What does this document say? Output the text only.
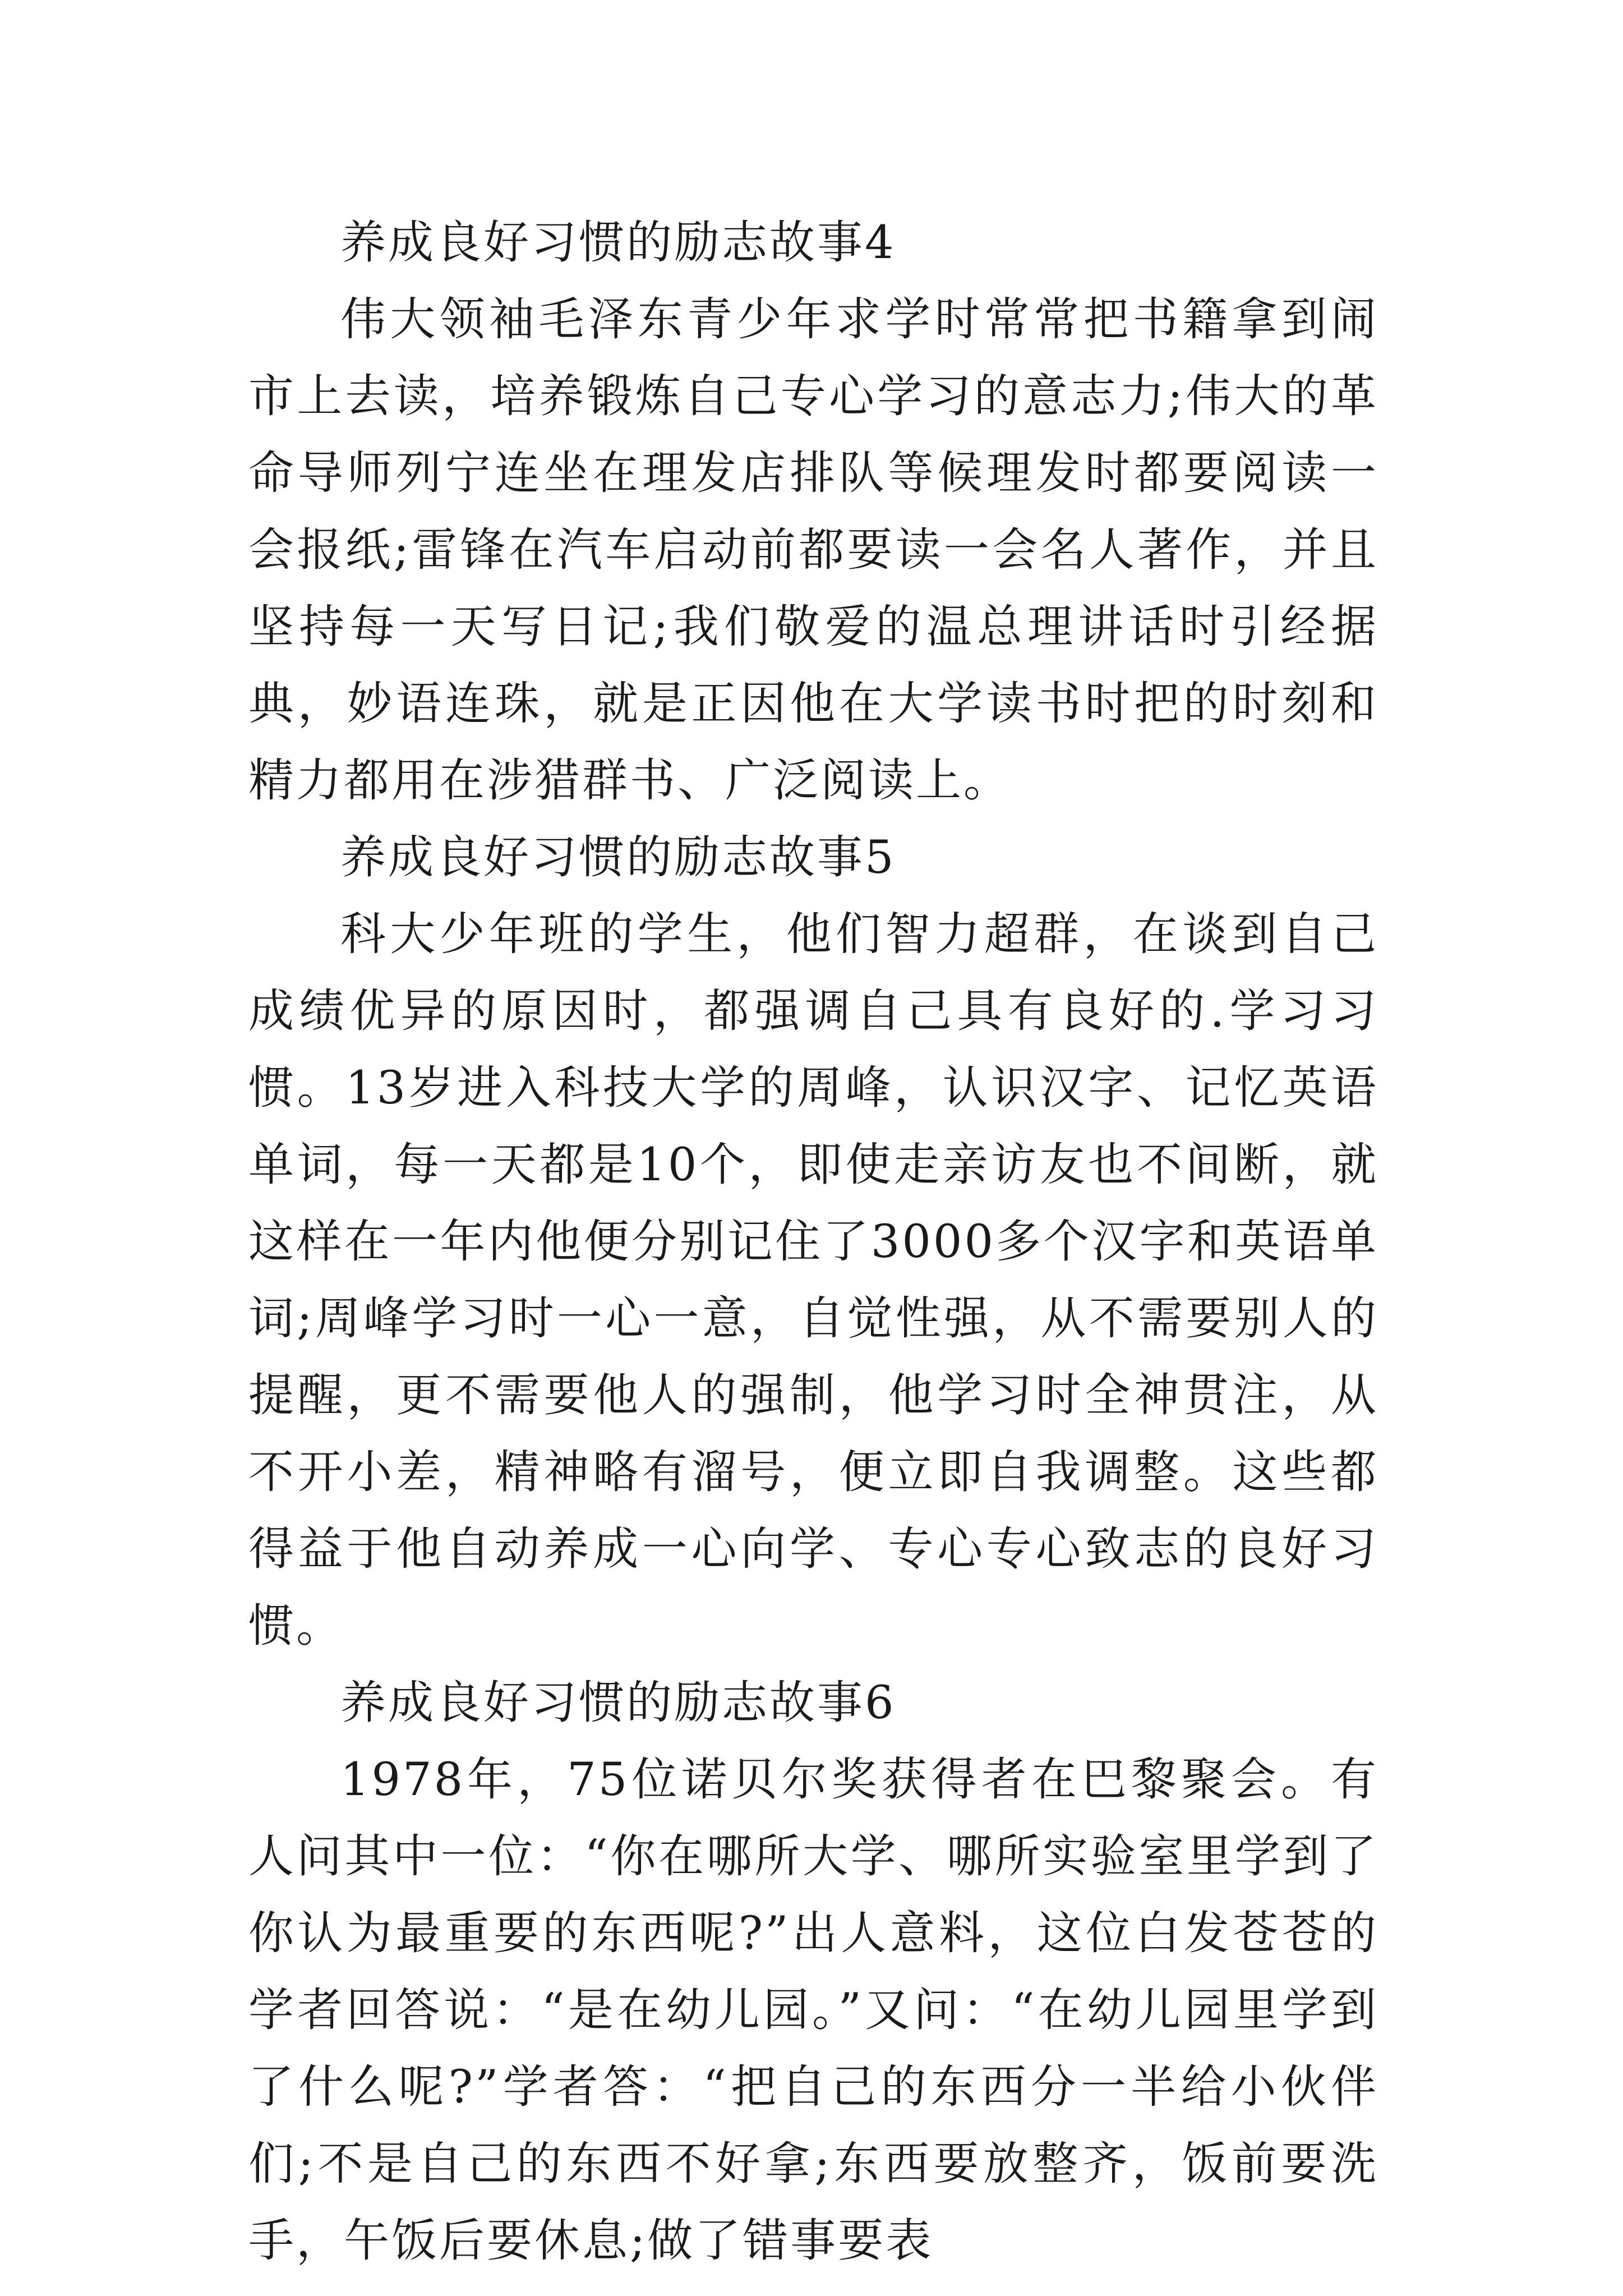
养成良好习惯的励志故事4

伟大领袖毛泽东青少年求学时常常把书籍拿到闹市上去读，培养锻炼自己专心学习的意志力;伟大的革命导师列宁连坐在理发店排队等候理发时都要阅读一会报纸;雷锋在汽车启动前都要读一会名人著作，并且坚持每一天写日记;我们敬爱的温总理讲话时引经据典，妙语连珠，就是正因他在大学读书时把的时刻和精力都用在涉猎群书、广泛阅读上。

养成良好习惯的励志故事5

科大少年班的学生，他们智力超群，在谈到自己成绩优异的原因时，都强调自己具有良好的.学习习惯。13岁进入科技大学的周峰，认识汉字、记忆英语单词，每一天都是10个，即使走亲访友也不间断，就这样在一年内他便分别记住了3000多个汉字和英语单词;周峰学习时一心一意，自觉性强，从不需要别人的提醒，更不需要他人的强制，他学习时全神贯注，从不开小差，精神略有溜号，便立即自我调整。这些都得益于他自动养成一心向学、专心专心致志的良好习惯。

养成良好习惯的励志故事6

1978年，75位诺贝尔奖获得者在巴黎聚会。有人问其中一位：“你在哪所大学、哪所实验室里学到了你认为最重要的东西呢?”出人意料，这位白发苍苍的学者回答说：“是在幼儿园。”又问：“在幼儿园里学到了什么呢?”学者答：“把自己的东西分一半给小伙伴们;不是自己的东西不好拿;东西要放整齐，饭前要洗手，午饭后要休息;做了错事要表
